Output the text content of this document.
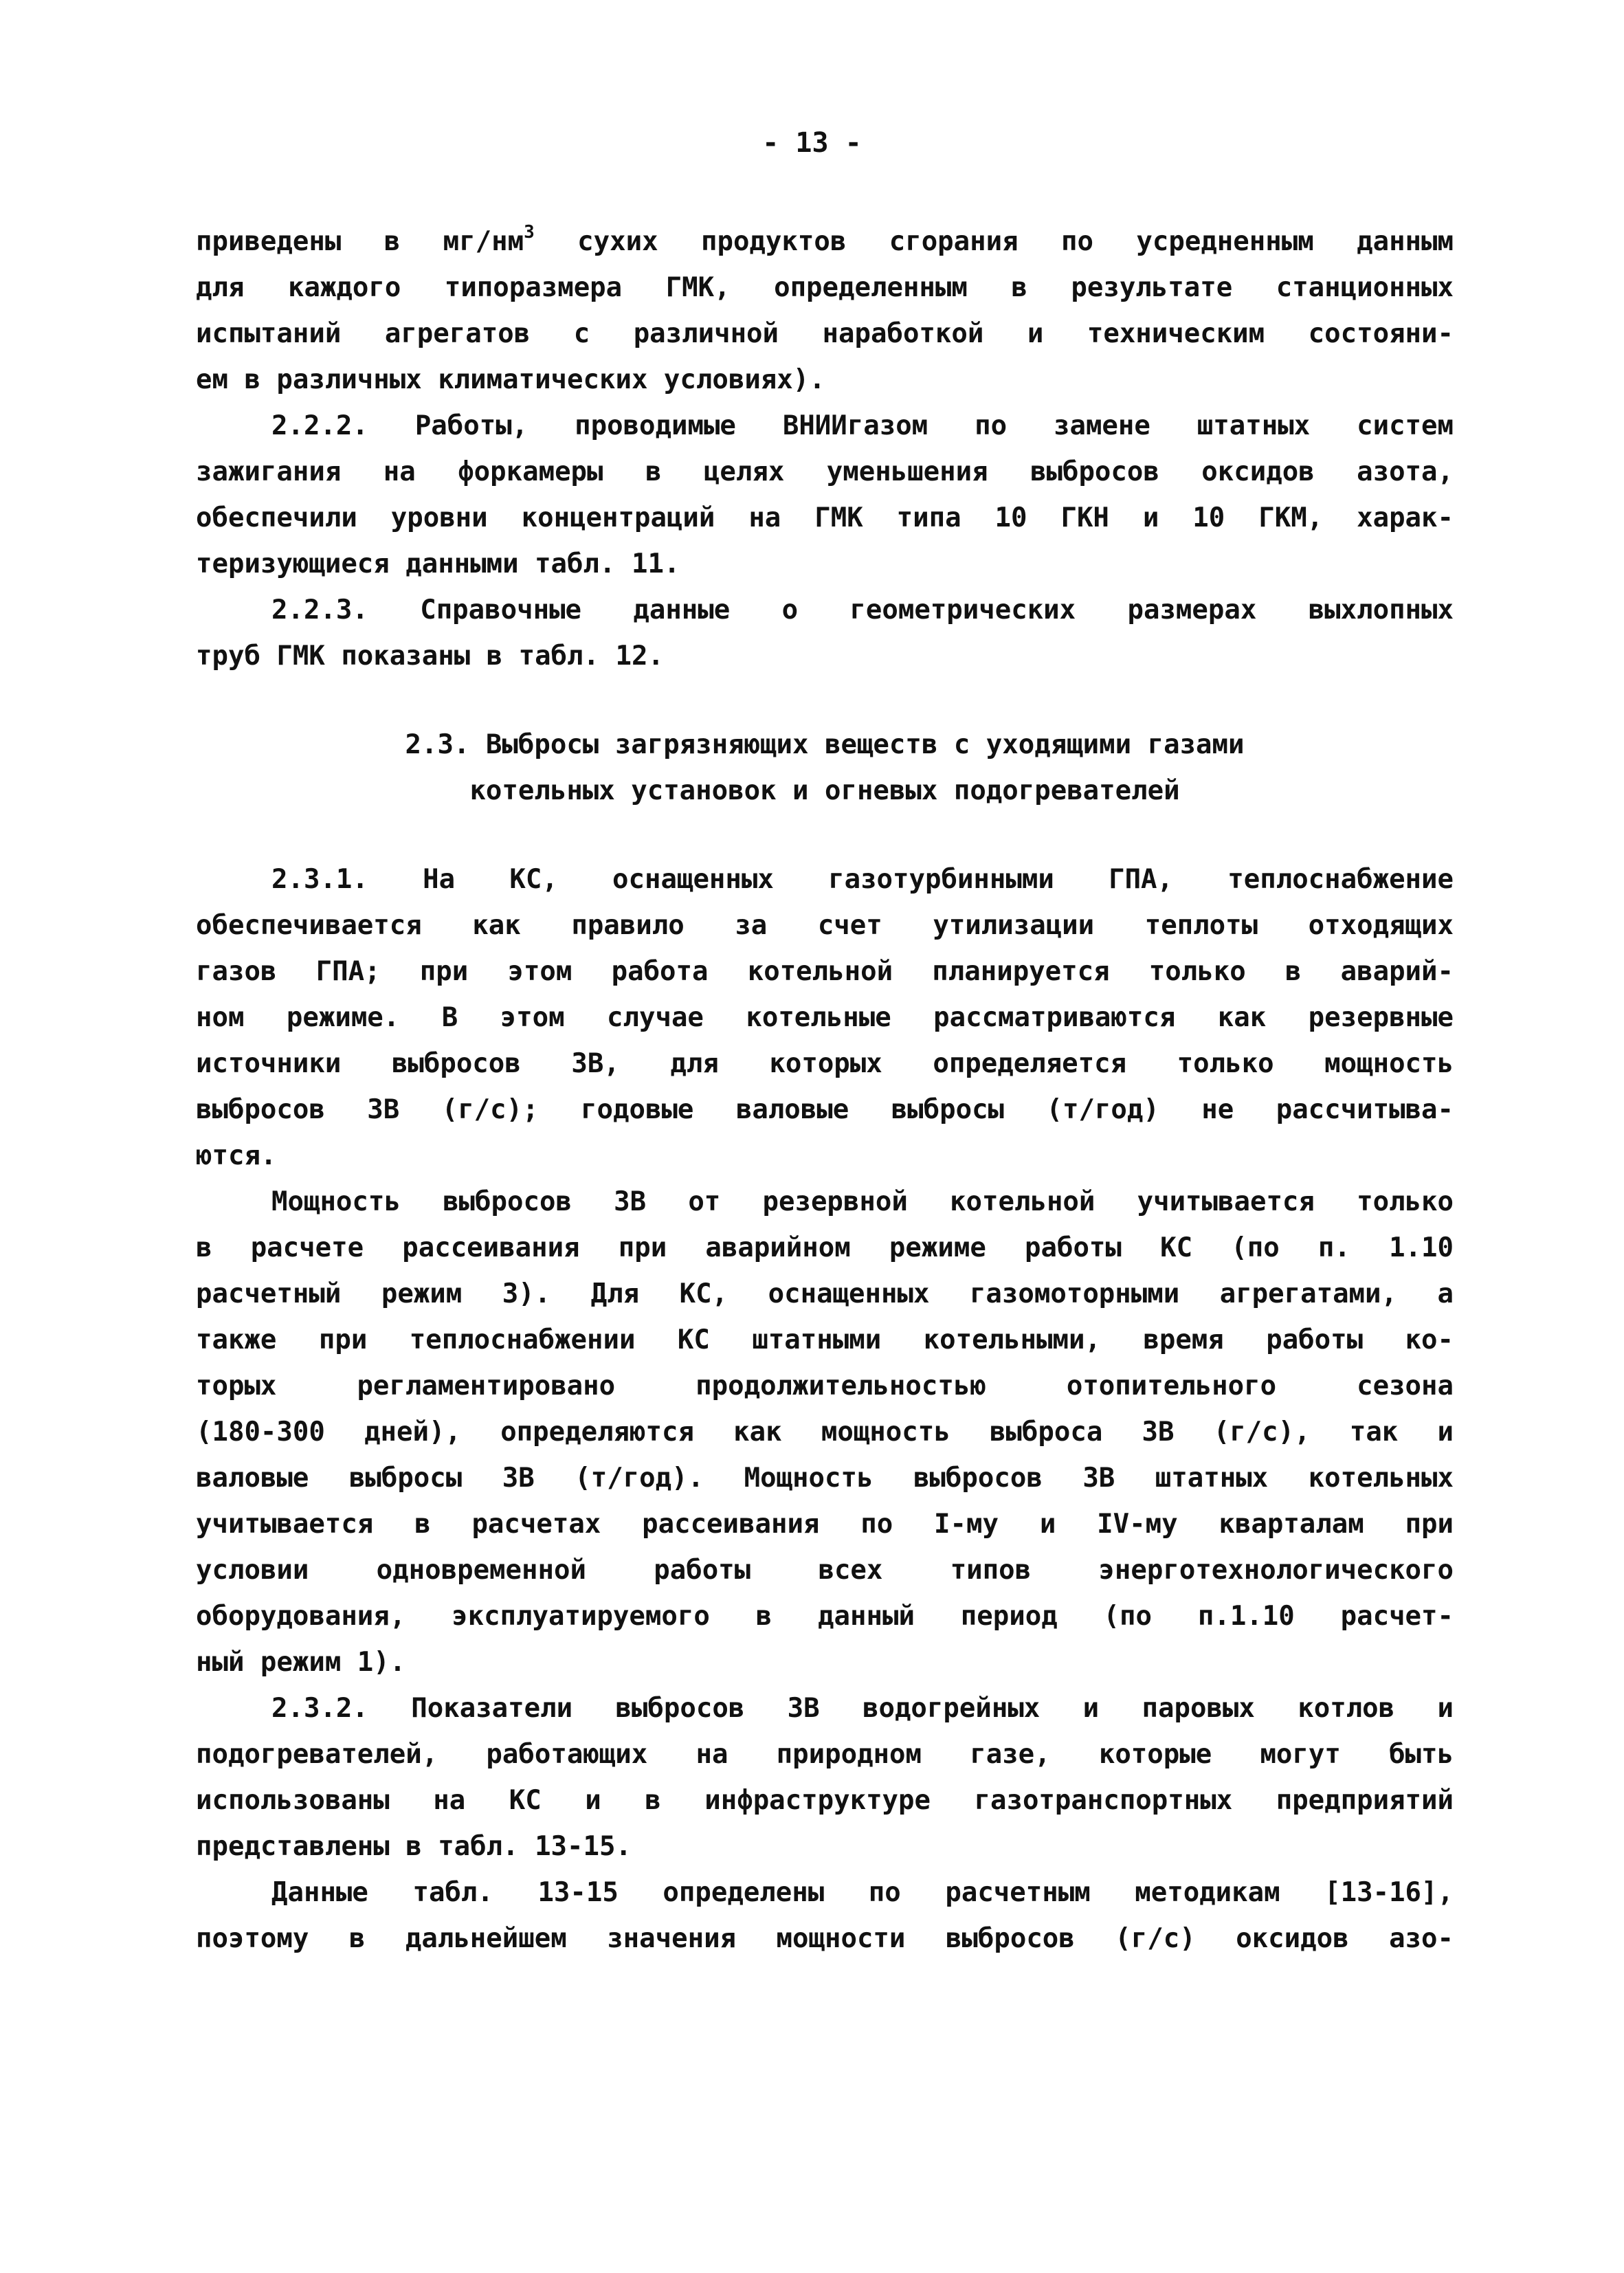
- 13 -
приведены в $мг/нм^3$ сухих продуктов сгорания по усредненным данным
для каждого типоразмера ГМК, определенным в результате станционных
испытаний агрегатов с различной наработкой и техническим состояни-
ем в различных климатических условиях).
2.2.2. Работы, проводимые ВНИИгазом по замене штатных систем
зажигания на форкамеры в целях уменьшения выбросов оксидов азота,
обеспечили уровни концентраций на ГМК типа 10 ГКН и 10 ГКМ, харак-
теризующиеся данными табл. 11.
2.2.3. Справочные данные о геометрических размерах выхлопных
труб ГМК показаны в табл. 12.
2.3. Выбросы загрязняющих веществ с уходящими газами
котельных установок и огневых подогревателей
2.3.1. На КС, оснащенных газотурбинными ГПА, теплоснабжение
обеспечивается как правило за счет утилизации теплоты отходящих
газов ГПА; при этом работа котельной планируется только в аварий-
ном режиме. В этом случае котельные рассматриваются как резервные
источники выбросов ЗВ, для которых определяется только мощность
выбросов ЗВ (г/с); годовые валовые выбросы (т/год) не рассчитыва-
ются.
Мощность выбросов ЗВ от резервной котельной учитывается только
в расчете рассеивания при аварийном режиме работы КС (по п. 1.10
расчетный режим 3). Для КС, оснащенных газомоторными агрегатами, а
также при теплоснабжении КС штатными котельными, время работы ко-
торых регламентировано продолжительностью отопительного сезона
(180-300 дней), определяются как мощность выброса ЗВ (г/с), так и
валовые выбросы ЗВ (т/год). Мощность выбросов ЗВ штатных котельных
учитывается в расчетах рассеивания по I-му и IV-му кварталам при
условии одновременной работы всех типов энерготехнологического
оборудования, эксплуатируемого в данный период (по п.1.10 расчет-
ный режим 1).
2.3.2. Показатели выбросов ЗВ водогрейных и паровых котлов и
подогревателей, работающих на природном газе, которые могут быть
использованы на КС и в инфраструктуре газотранспортных предприятий
представлены в табл. 13-15.
Данные табл. 13-15 определены по расчетным методикам [13-16],
поэтому в дальнейшем значения мощности выбросов (г/с) оксидов азо-
